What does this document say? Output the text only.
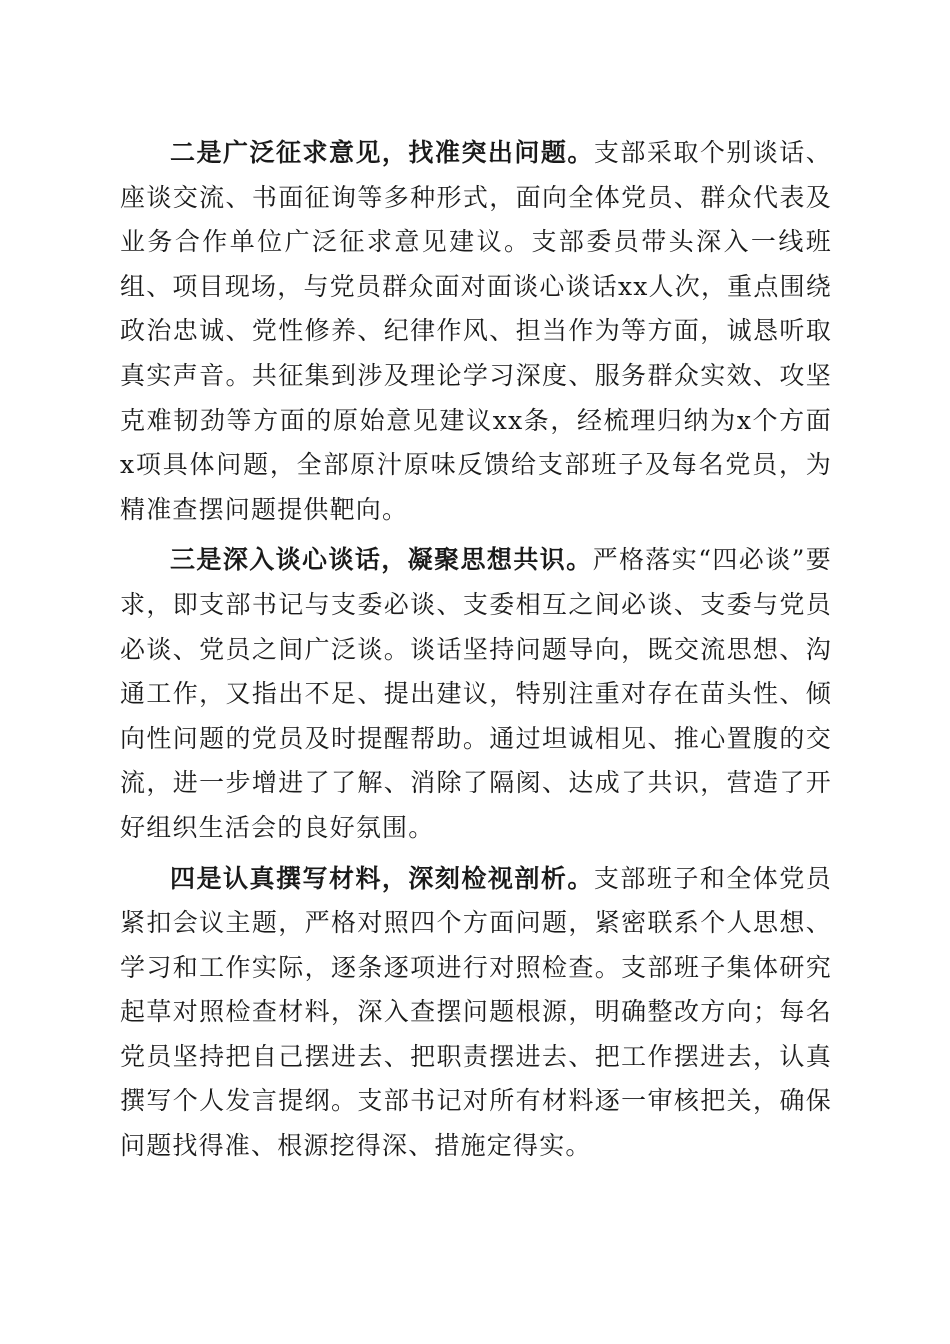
二是广泛征求意见，找准突出问题。支部采取个别谈话、座谈交流、书面征询等多种形式，面向全体党员、群众代表及业务合作单位广泛征求意见建议。支部委员带头深入一线班组、项目现场，与党员群众面对面谈心谈话xx人次，重点围绕政治忠诚、党性修养、纪律作风、担当作为等方面，诚恳听取真实声音。共征集到涉及理论学习深度、服务群众实效、攻坚克难韧劲等方面的原始意见建议xx条，经梳理归纳为x个方面x项具体问题，全部原汁原味反馈给支部班子及每名党员，为精准查摆问题提供靶向。

三是深入谈心谈话，凝聚思想共识。严格落实“四必谈”要求，即支部书记与支委必谈、支委相互之间必谈、支委与党员必谈、党员之间广泛谈。谈话坚持问题导向，既交流思想、沟通工作，又指出不足、提出建议，特别注重对存在苗头性、倾向性问题的党员及时提醒帮助。通过坦诚相见、推心置腹的交流，进一步增进了了解、消除了隔阂、达成了共识，营造了开好组织生活会的良好氛围。

四是认真撰写材料，深刻检视剖析。支部班子和全体党员紧扣会议主题，严格对照四个方面问题，紧密联系个人思想、学习和工作实际，逐条逐项进行对照检查。支部班子集体研究起草对照检查材料，深入查摆问题根源，明确整改方向；每名党员坚持把自己摆进去、把职责摆进去、把工作摆进去，认真撰写个人发言提纲。支部书记对所有材料逐一审核把关，确保问题找得准、根源挖得深、措施定得实。
